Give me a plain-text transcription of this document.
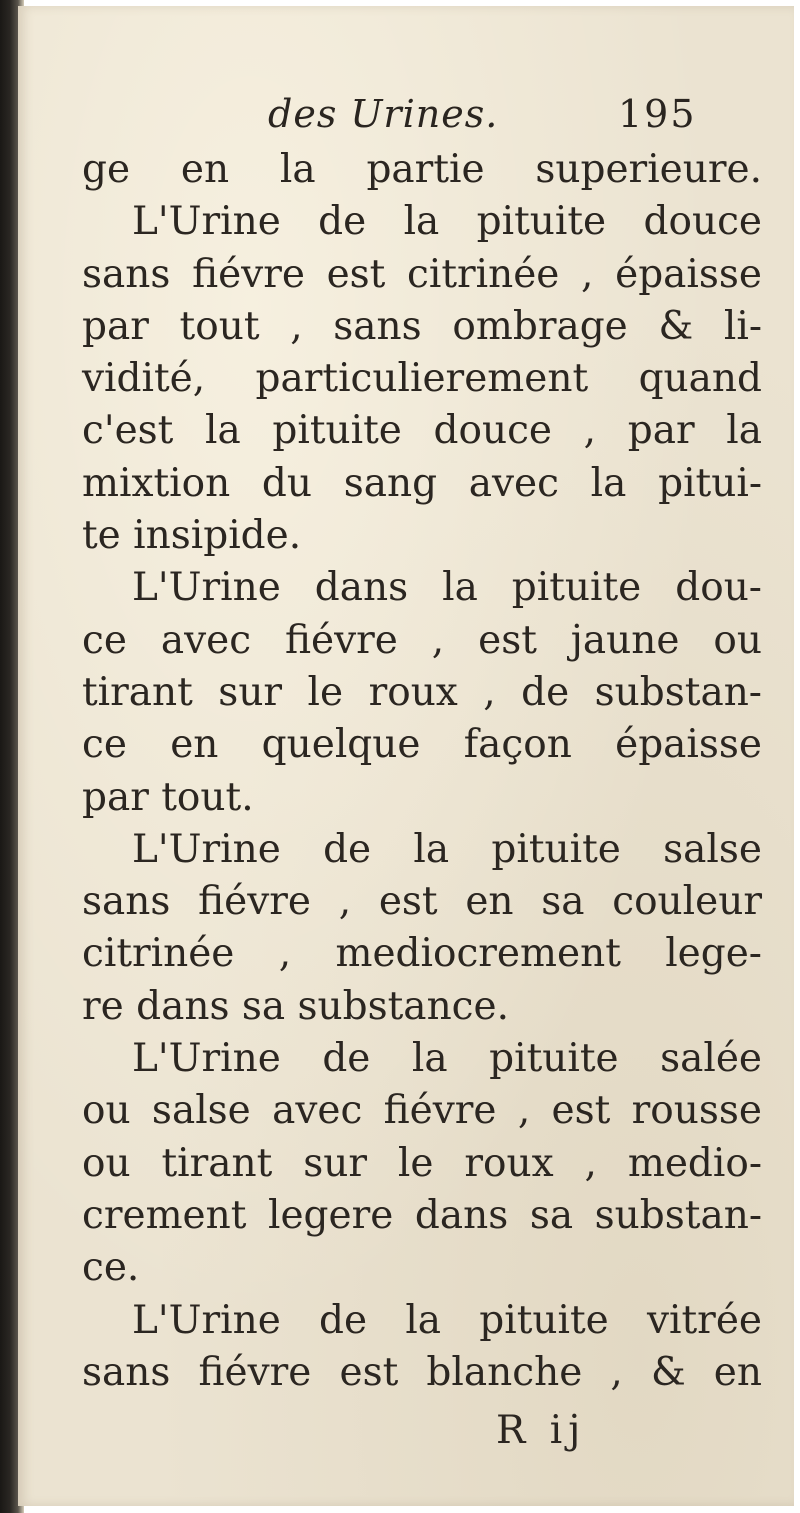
des Urines.	195
ge en la partie superieure.
L'Urine de la pituite douce
sans fiévre est citrinée , épaisse
par tout , sans ombrage & li-
vidité, particulierement quand
c'est la pituite douce , par la
mixtion du sang avec la pitui-
te insipide.
L'Urine dans la pituite dou-
ce avec fiévre , est jaune ou
tirant sur le roux , de substan-
ce en quelque façon épaisse
par tout.
L'Urine de la pituite salse
sans fiévre , est en sa couleur
citrinée , mediocrement lege-
re dans sa substance.
L'Urine de la pituite salée
ou salse avec fiévre , est rousse
ou tirant sur le roux , medio-
crement legere dans sa substan-
ce.
L'Urine de la pituite vitrée
sans fiévre est blanche , & en
R ij
